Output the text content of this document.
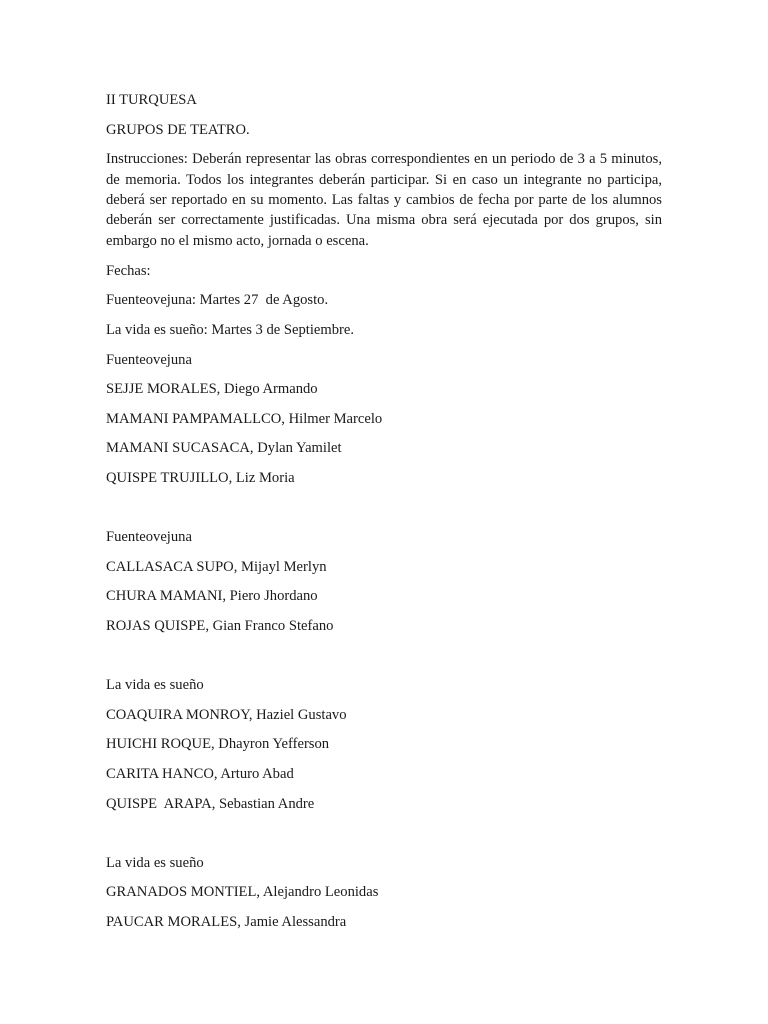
II TURQUESA
GRUPOS DE TEATRO.
Instrucciones: Deberán representar las obras correspondientes en un periodo de 3 a 5 minutos,
de memoria. Todos los integrantes deberán participar. Si en caso un integrante no participa,
deberá ser reportado en su momento. Las faltas y cambios de fecha por parte de los alumnos
deberán ser correctamente justificadas. Una misma obra será ejecutada por dos grupos, sin
embargo no el mismo acto, jornada o escena.
Fechas:
Fuenteovejuna: Martes 27  de Agosto.
La vida es sueño: Martes 3 de Septiembre.
Fuenteovejuna
SEJJE MORALES, Diego Armando
MAMANI PAMPAMALLCO, Hilmer Marcelo
MAMANI SUCASACA, Dylan Yamilet
QUISPE TRUJILLO, Liz Moria
Fuenteovejuna
CALLASACA SUPO, Mijayl Merlyn
CHURA MAMANI, Piero Jhordano
ROJAS QUISPE, Gian Franco Stefano
La vida es sueño
COAQUIRA MONROY, Haziel Gustavo
HUICHI ROQUE, Dhayron Yefferson
CARITA HANCO, Arturo Abad
QUISPE  ARAPA, Sebastian Andre
La vida es sueño
GRANADOS MONTIEL, Alejandro Leonidas
PAUCAR MORALES, Jamie Alessandra
